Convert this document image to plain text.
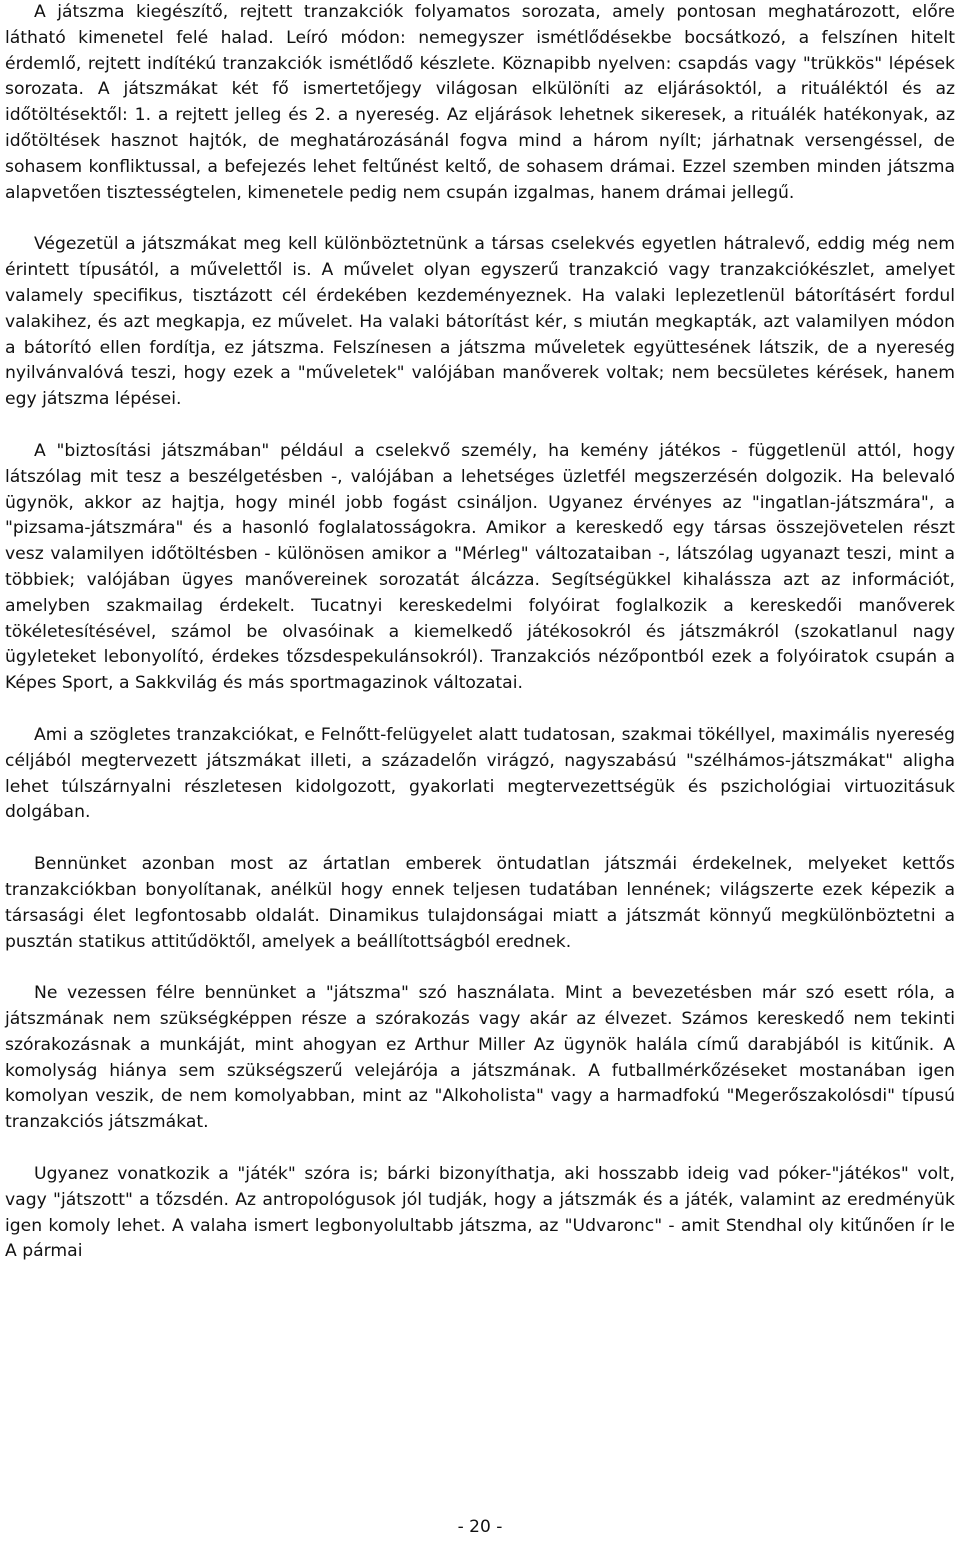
A játszma kiegészítő, rejtett tranzakciók folyamatos sorozata, amely pontosan meghatározott, előre látható kimenetel felé halad. Leíró módon: nemegyszer ismétlődésekbe bocsátkozó, a felszínen hitelt érdemlő, rejtett indítékú tranzakciók ismétlődő készlete. Köznapibb nyelven: csapdás vagy "trükkös" lépések sorozata. A játszmákat két fő ismertetőjegy világosan elkülöníti az eljárásoktól, a rituáléktól és az időtöltésektől: 1. a rejtett jelleg és 2. a nyereség. Az eljárások lehetnek sikeresek, a rituálék hatékonyak, az időtöltések hasznot hajtók, de meghatározásánál fogva mind a három nyílt; járhatnak versengéssel, de sohasem konfliktussal, a befejezés lehet feltűnést keltő, de sohasem drámai. Ezzel szemben minden játszma alapvetően tisztességtelen, kimenetele pedig nem csupán izgalmas, hanem drámai jellegű.

Végezetül a játszmákat meg kell különböztetnünk a társas cselekvés egyetlen hátralevő, eddig még nem érintett típusától, a művelettől is. A művelet olyan egyszerű tranzakció vagy tranzakciókészlet, amelyet valamely specifikus, tisztázott cél érdekében kezdeményeznek. Ha valaki leplezetlenül bátorításért fordul valakihez, és azt megkapja, ez művelet. Ha valaki bátorítást kér, s miután megkapták, azt valamilyen módon a bátorító ellen fordítja, ez játszma. Felszínesen a játszma műveletek együttesének látszik, de a nyereség nyilvánvalóvá teszi, hogy ezek a "műveletek" valójában manőverek voltak; nem becsületes kérések, hanem egy játszma lépései.

A "biztosítási játszmában" például a cselekvő személy, ha kemény játékos - függetlenül attól, hogy látszólag mit tesz a beszélgetésben -, valójában a lehetséges üzletfél megszerzésén dolgozik. Ha belevaló ügynök, akkor az hajtja, hogy minél jobb fogást csináljon. Ugyanez érvényes az "ingatlan-játszmára", a "pizsama-játszmára" és a hasonló foglalatosságokra. Amikor a kereskedő egy társas összejövetelen részt vesz valamilyen időtöltésben - különösen amikor a "Mérleg" változataiban -, látszólag ugyanazt teszi, mint a többiek; valójában ügyes manővereinek sorozatát álcázza. Segítségükkel kihalássza azt az információt, amelyben szakmailag érdekelt. Tucatnyi kereskedelmi folyóirat foglalkozik a kereskedői manőverek tökéletesítésével, számol be olvasóinak a kiemelkedő játékosokról és játszmákról (szokatlanul nagy ügyleteket lebonyolító, érdekes tőzsdespekulánsokról). Tranzakciós nézőpontból ezek a folyóiratok csupán a Képes Sport, a Sakkvilág és más sportmagazinok változatai.

Ami a szögletes tranzakciókat, e Felnőtt-felügyelet alatt tudatosan, szakmai tökéllyel, maximális nyereség céljából megtervezett játszmákat illeti, a századelőn virágzó, nagyszabású "szélhámos-játszmákat" aligha lehet túlszárnyalni részletesen kidolgozott, gyakorlati megtervezettségük és pszichológiai virtuozitásuk dolgában.

Bennünket azonban most az ártatlan emberek öntudatlan játszmái érdekelnek, melyeket kettős tranzakciókban bonyolítanak, anélkül hogy ennek teljesen tudatában lennének; világszerte ezek képezik a társasági élet legfontosabb oldalát. Dinamikus tulajdonságai miatt a játszmát könnyű megkülönböztetni a pusztán statikus attitűdöktől, amelyek a beállítottságból erednek.

Ne vezessen félre bennünket a "játszma" szó használata. Mint a bevezetésben már szó esett róla, a játszmának nem szükségképpen része a szórakozás vagy akár az élvezet. Számos kereskedő nem tekinti szórakozásnak a munkáját, mint ahogyan ez Arthur Miller Az ügynök halála című darabjából is kitűnik. A komolyság hiánya sem szükségszerű velejárója a játszmának. A futballmérkőzéseket mostanában igen komolyan veszik, de nem komolyabban, mint az "Alkoholista" vagy a harmadfokú "Megerőszakolósdi" típusú tranzakciós játszmákat.

Ugyanez vonatkozik a "játék" szóra is; bárki bizonyíthatja, aki hosszabb ideig vad póker-"játékos" volt, vagy "játszott" a tőzsdén. Az antropológusok jól tudják, hogy a játszmák és a játék, valamint az eredményük igen komoly lehet. A valaha ismert legbonyolultabb játszma, az "Udvaronc" - amit Stendhal oly kitűnően ír le A pármai

- 20 -
